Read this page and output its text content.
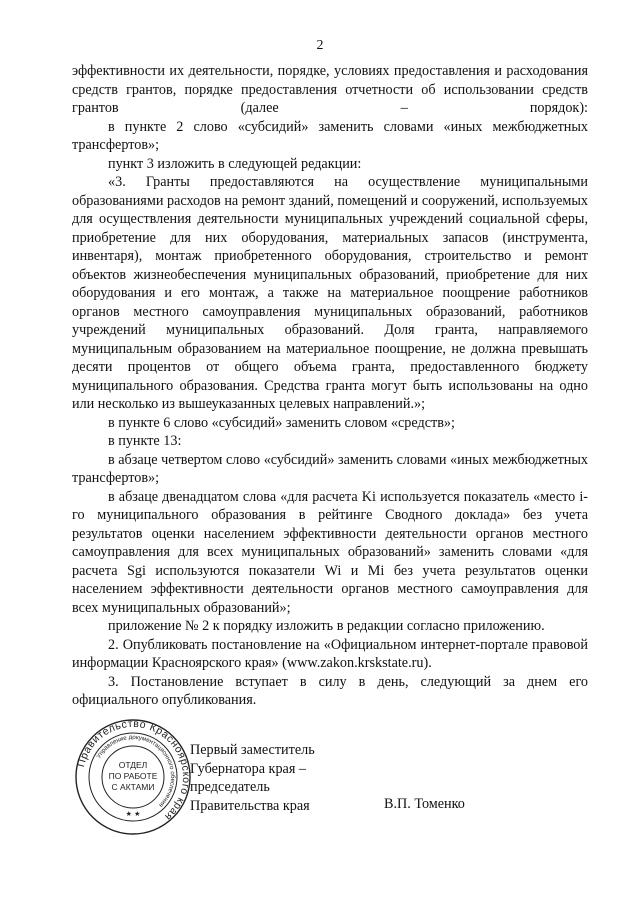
2

эффективности их деятельности, порядке, условиях предоставления и расходования средств грантов, порядке предоставления отчетности об использовании средств грантов (далее – порядок):

в пункте 2 слово «субсидий» заменить словами «иных межбюджетных трансфертов»;

пункт 3 изложить в следующей редакции:

«3. Гранты предоставляются на осуществление муниципальными образованиями расходов на ремонт зданий, помещений и сооружений, используемых для осуществления деятельности муниципальных учреждений социальной сферы, приобретение для них оборудования, материальных запасов (инструмента, инвентаря), монтаж приобретенного оборудования, строительство и ремонт объектов жизнеобеспечения муниципальных образований, приобретение для них оборудования и его монтаж, а также на материальное поощрение работников органов местного самоуправления муниципальных образований, работников учреждений муниципальных образований. Доля гранта, направляемого муниципальным образованием на материальное поощрение, не должна превышать десяти процентов от общего объема гранта, предоставленного бюджету муниципального образования. Средства гранта могут быть использованы на одно или несколько из вышеуказанных целевых направлений.»;

в пункте 6 слово «субсидий» заменить словом «средств»;

в пункте 13:

в абзаце четвертом слово «субсидий» заменить словами «иных межбюджетных трансфертов»;

в абзаце двенадцатом слова «для расчета Ki используется показатель «место i-го муниципального образования в рейтинге Сводного доклада» без учета результатов оценки населением эффективности деятельности органов местного самоуправления для всех муниципальных образований» заменить словами «для расчета Sgi используются показатели Wi и Mi без учета результатов оценки населением эффективности деятельности органов местного самоуправления для всех муниципальных образований»;

приложение № 2 к порядку изложить в редакции согласно приложению.

2. Опубликовать постановление на «Официальном интернет-портале правовой информации Красноярского края» (www.zakon.krskstate.ru).

3. Постановление вступает в силу в день, следующий за днем его официального опубликования.

Правительство Красноярского края
Управление документационного обеспечения
ОТДЕЛ
ПО РАБОТЕ
С АКТАМИ
★ ★
Первый заместитель
Губернатора края –
председатель
Правительства края	В.П. Томенко
